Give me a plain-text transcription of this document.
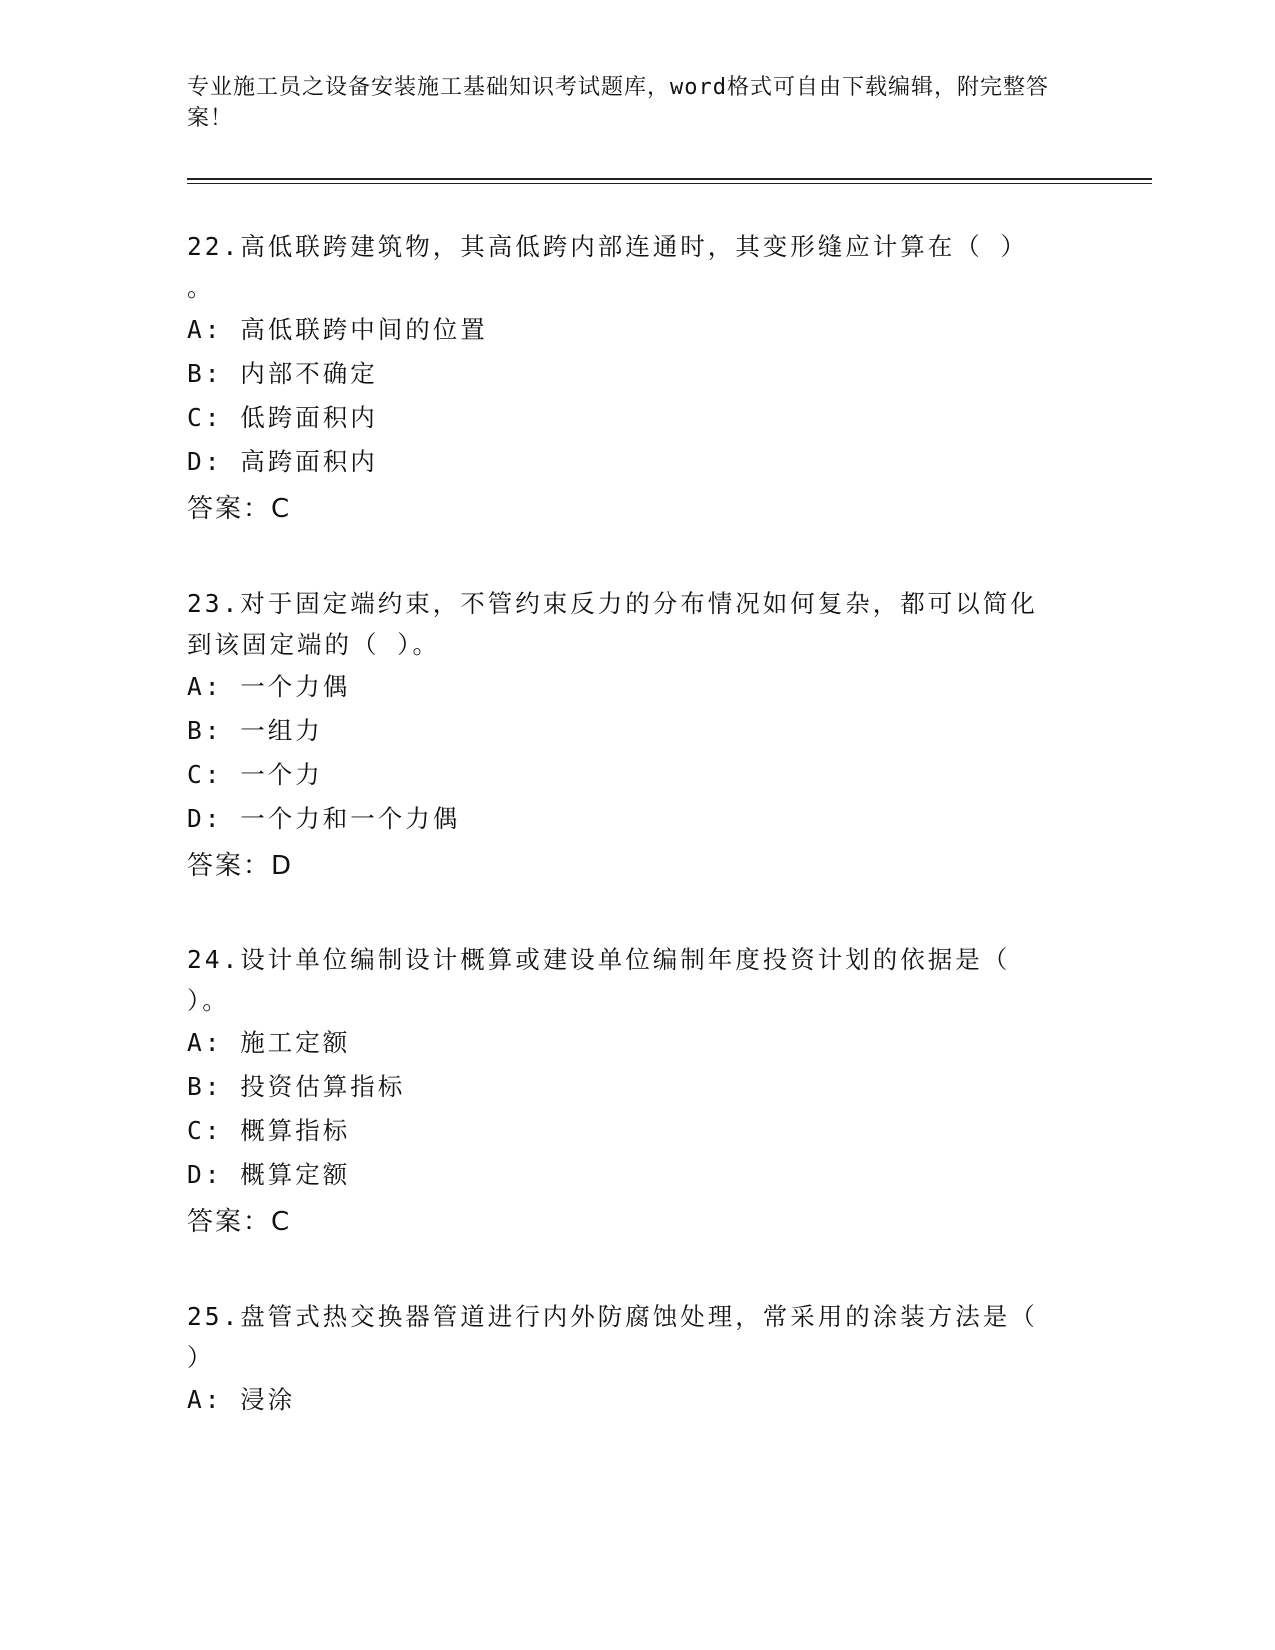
专业施工员之设备安装施工基础知识考试题库，word格式可自由下载编辑，附完整答案！
22.高低联跨建筑物，其高低跨内部连通时，其变形缝应计算在（ ）
。
A: 高低联跨中间的位置
B: 内部不确定
C: 低跨面积内
D: 高跨面积内
答案：C
23.对于固定端约束，不管约束反力的分布情况如何复杂，都可以简化
到该固定端的（ ）。
A: 一个力偶
B: 一组力
C: 一个力
D: 一个力和一个力偶
答案：D
24.设计单位编制设计概算或建设单位编制年度投资计划的依据是（
）。
A: 施工定额
B: 投资估算指标
C: 概算指标
D: 概算定额
答案：C
25.盘管式热交换器管道进行内外防腐蚀处理，常采用的涂装方法是（
）
A: 浸涂
